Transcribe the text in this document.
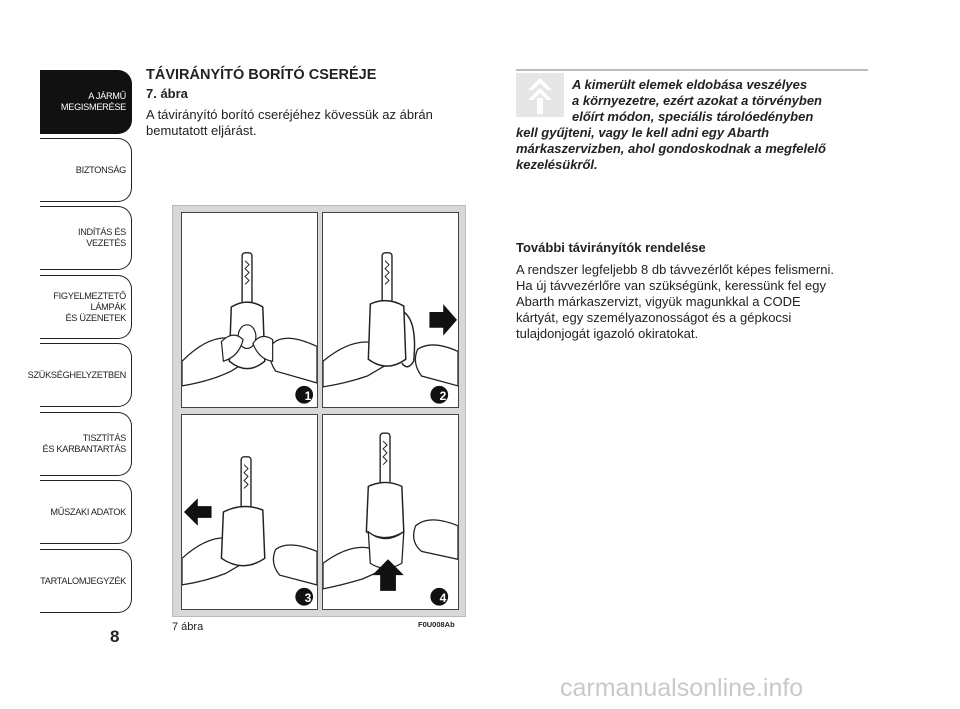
A JÁRMŰ
MEGISMERÉSE
BIZTONSÁG
INDÍTÁS ÉS VEZETÉS
FIGYELMEZTETŐ
LÁMPÁK
ÉS ÜZENETEK
SZÜKSÉGHELYZETBEN
TISZTÍTÁS
ÉS KARBANTARTÁS
MŰSZAKI ADATOK
TARTALOMJEGYZÉK
8
TÁVIRÁNYÍTÓ BORÍTÓ CSERÉJE
7. ábra
A távirányító borító cseréjéhez kövessük az ábrán bemutatott eljárást.
1	2
3	4
7 ábra	F0U008Ab
A kimerült elemek eldobása veszélyes
a környezetre, ezért azokat a törvényben
előírt módon, speciális tárolóedényben
kell gyűjteni, vagy le kell adni egy Abarth
márkaszervizben, ahol gondoskodnak a megfelelő
kezelésükről.
További távirányítók rendelése
A rendszer legfeljebb 8 db távvezérlőt képes felismerni.
Ha új távvezérlőre van szükségünk, keressünk fel egy
Abarth márkaszervizt, vigyük magunkkal a CODE
kártyát, egy személyazonosságot és a gépkocsi
tulajdonjogát igazoló okiratokat.
carmanualsonline.info
